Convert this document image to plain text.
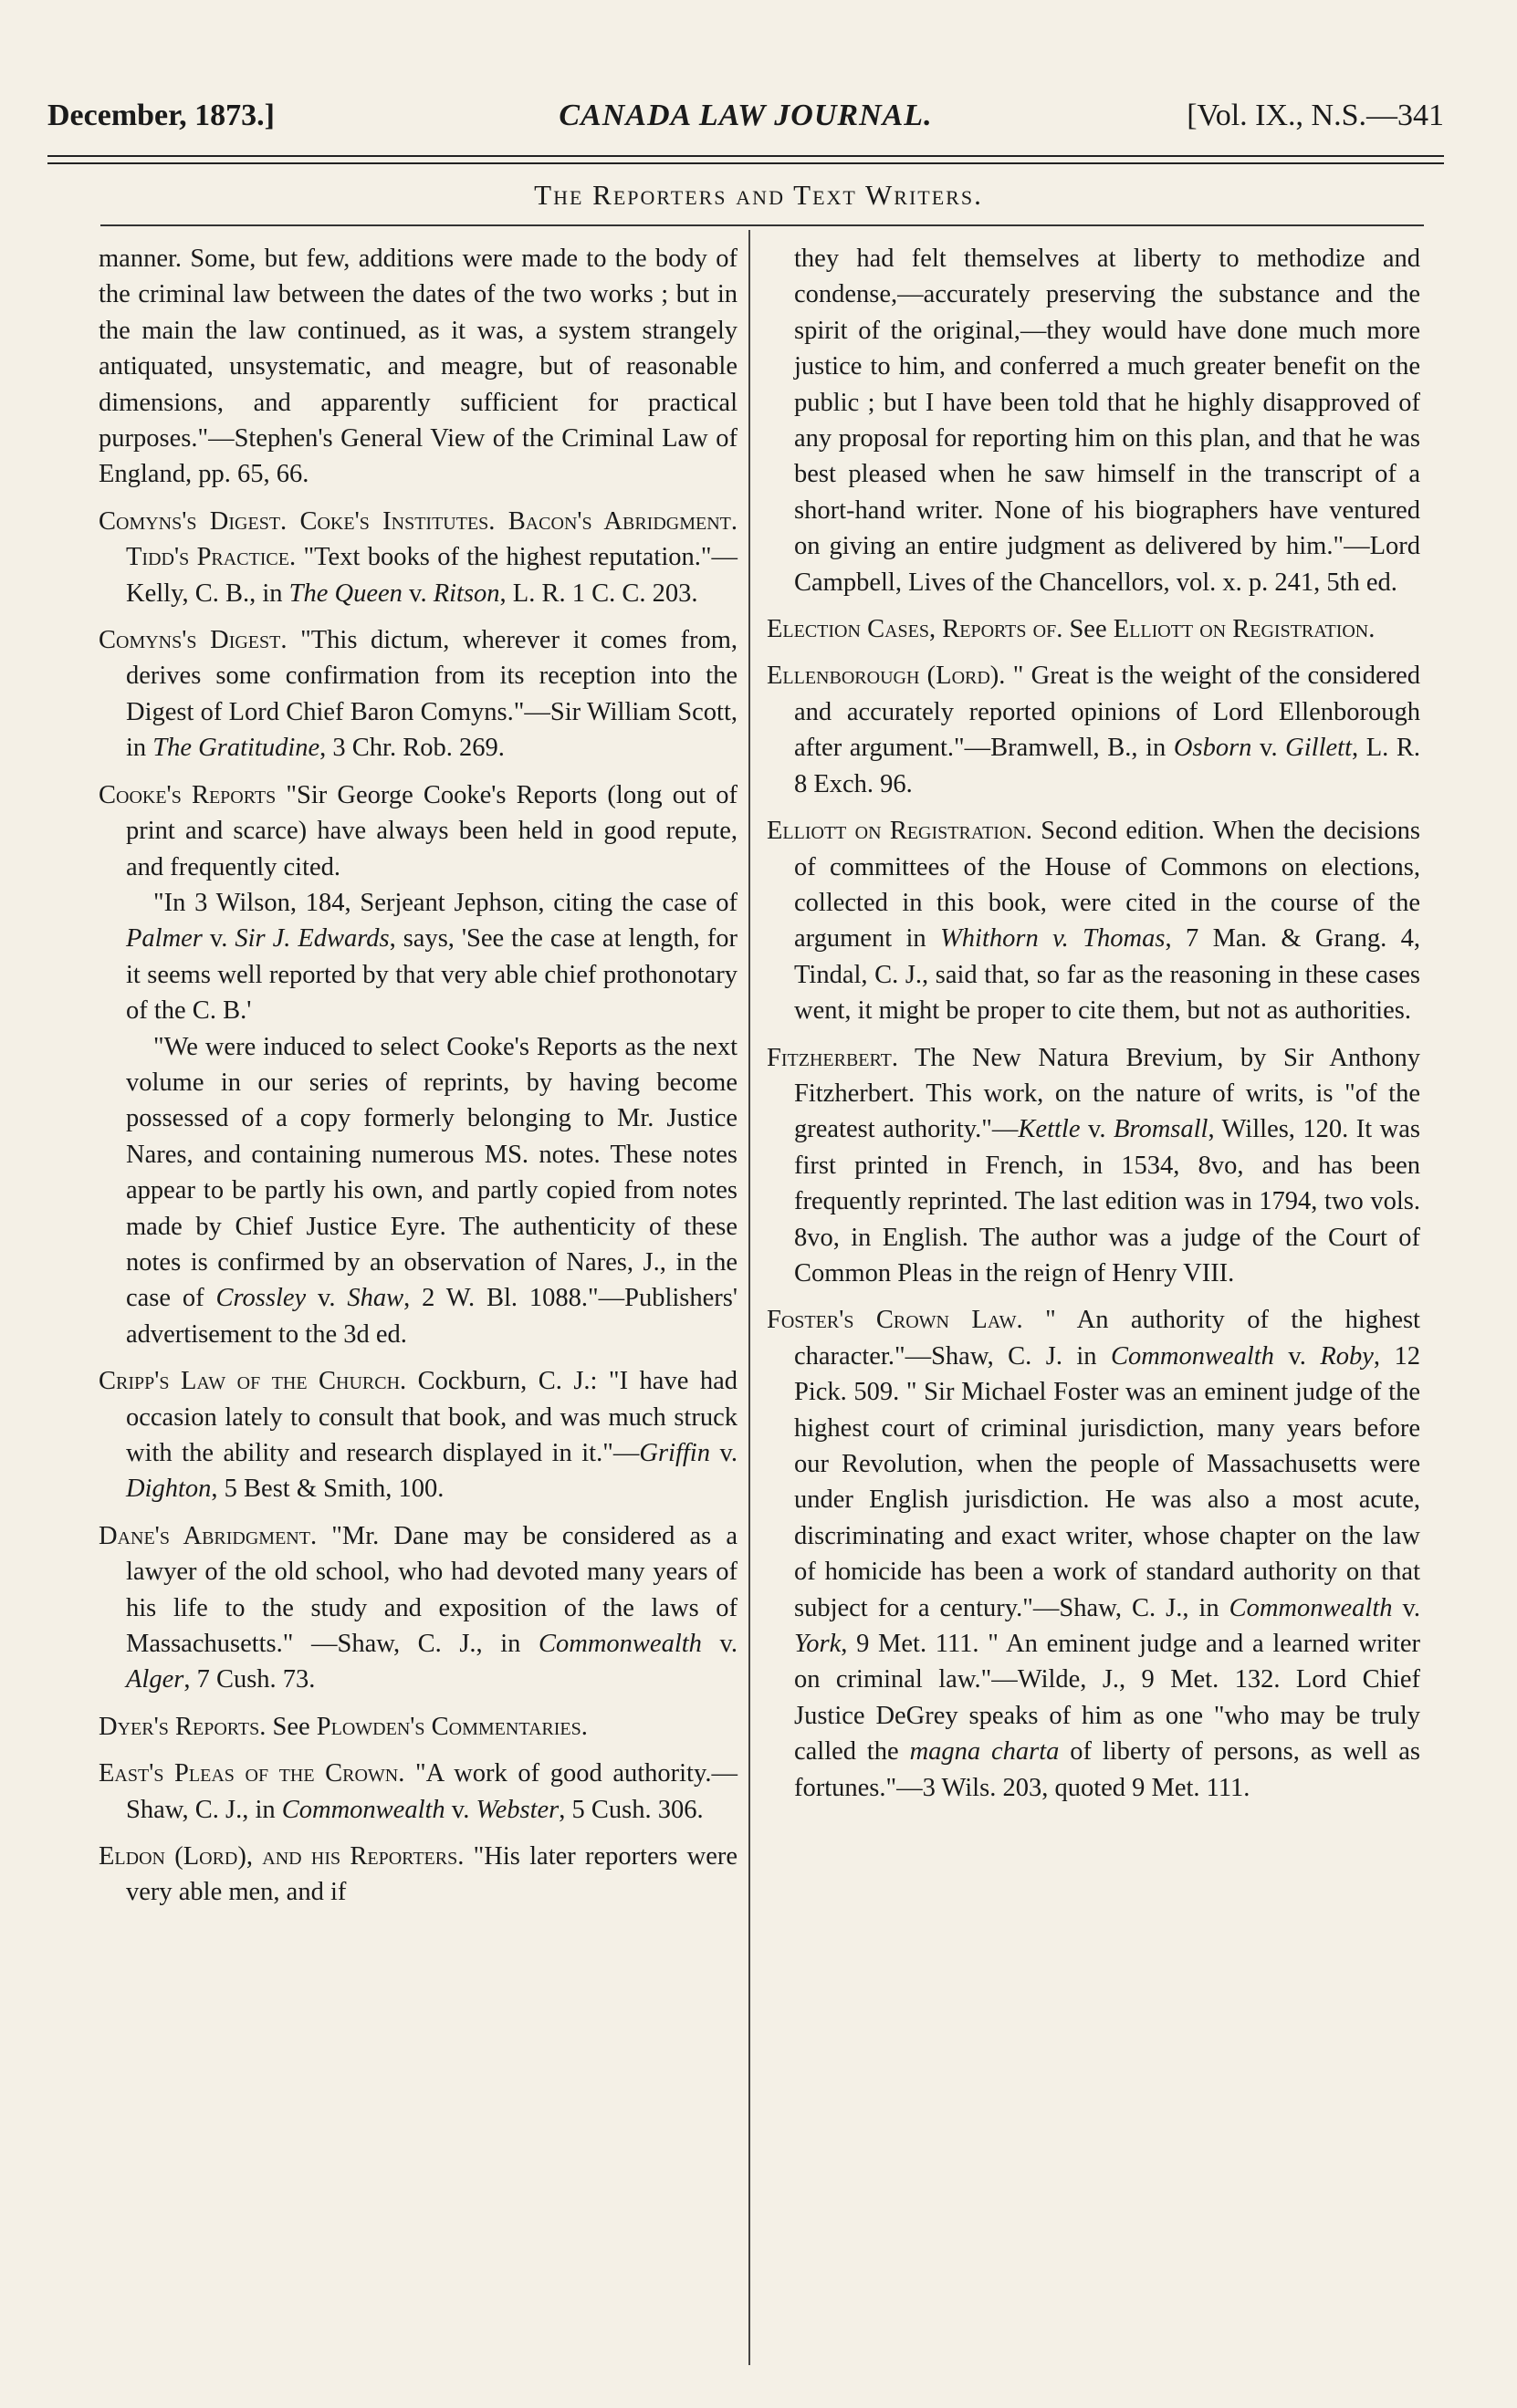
December, 1873.]	CANADA LAW JOURNAL.	[Vol. IX., N.S.—341
The Reporters and Text Writers.

manner. Some, but few, additions were made to the body of the criminal law between the dates of the two works ; but in the main the law continued, as it was, a system strangely antiquated, unsystematic, and meagre, but of reasonable dimensions, and apparently sufficient for practical purposes."—Stephen's General View of the Criminal Law of England, pp. 65, 66.

Comyns's Digest. Coke's Institutes. Bacon's Abridgment. Tidd's Practice. "Text books of the highest reputation."—Kelly, C. B., in The Queen v. Ritson, L. R. 1 C. C. 203.

Comyns's Digest. "This dictum, wherever it comes from, derives some confirmation from its reception into the Digest of Lord Chief Baron Comyns."—Sir William Scott, in The Gratitudine, 3 Chr. Rob. 269.

Cooke's Reports "Sir George Cooke's Reports (long out of print and scarce) have always been held in good repute, and frequently cited.

"In 3 Wilson, 184, Serjeant Jephson, citing the case of Palmer v. Sir J. Edwards, says, 'See the case at length, for it seems well reported by that very able chief prothonotary of the C. B.'

"We were induced to select Cooke's Reports as the next volume in our series of reprints, by having become possessed of a copy formerly belonging to Mr. Justice Nares, and containing numerous MS. notes. These notes appear to be partly his own, and partly copied from notes made by Chief Justice Eyre. The authenticity of these notes is confirmed by an observation of Nares, J., in the case of Crossley v. Shaw, 2 W. Bl. 1088."—Publishers' advertisement to the 3d ed.

Cripp's Law of the Church. Cockburn, C. J.: "I have had occasion lately to consult that book, and was much struck with the ability and research displayed in it."—Griffin v. Dighton, 5 Best & Smith, 100.

Dane's Abridgment. "Mr. Dane may be considered as a lawyer of the old school, who had devoted many years of his life to the study and exposition of the laws of Massachusetts." —Shaw, C. J., in Commonwealth v. Alger, 7 Cush. 73.

Dyer's Reports. See Plowden's Commentaries.

East's Pleas of the Crown. "A work of good authority.—Shaw, C. J., in Commonwealth v. Webster, 5 Cush. 306.

Eldon (Lord), and his Reporters. "His later reporters were very able men, and if

they had felt themselves at liberty to methodize and condense,—accurately preserving the substance and the spirit of the original,—they would have done much more justice to him, and conferred a much greater benefit on the public ; but I have been told that he highly disapproved of any proposal for reporting him on this plan, and that he was best pleased when he saw himself in the transcript of a short-hand writer. None of his biographers have ventured on giving an entire judgment as delivered by him."—Lord Campbell, Lives of the Chancellors, vol. x. p. 241, 5th ed.

Election Cases, Reports of. See Elliott on Registration.

Ellenborough (Lord). " Great is the weight of the considered and accurately reported opinions of Lord Ellenborough after argument."—Bramwell, B., in Osborn v. Gillett, L. R. 8 Exch. 96.

Elliott on Registration. Second edition. When the decisions of committees of the House of Commons on elections, collected in this book, were cited in the course of the argument in Whithorn v. Thomas, 7 Man. & Grang. 4, Tindal, C. J., said that, so far as the reasoning in these cases went, it might be proper to cite them, but not as authorities.

Fitzherbert. The New Natura Brevium, by Sir Anthony Fitzherbert. This work, on the nature of writs, is "of the greatest authority."—Kettle v. Bromsall, Willes, 120. It was first printed in French, in 1534, 8vo, and has been frequently reprinted. The last edition was in 1794, two vols. 8vo, in English. The author was a judge of the Court of Common Pleas in the reign of Henry VIII.

Foster's Crown Law. " An authority of the highest character."—Shaw, C. J. in Commonwealth v. Roby, 12 Pick. 509. " Sir Michael Foster was an eminent judge of the highest court of criminal jurisdiction, many years before our Revolution, when the people of Massachusetts were under English jurisdiction. He was also a most acute, discriminating and exact writer, whose chapter on the law of homicide has been a work of standard authority on that subject for a century."—Shaw, C. J., in Commonwealth v. York, 9 Met. 111. " An eminent judge and a learned writer on criminal law."—Wilde, J., 9 Met. 132. Lord Chief Justice DeGrey speaks of him as one "who may be truly called the magna charta of liberty of persons, as well as fortunes."—3 Wils. 203, quoted 9 Met. 111.
